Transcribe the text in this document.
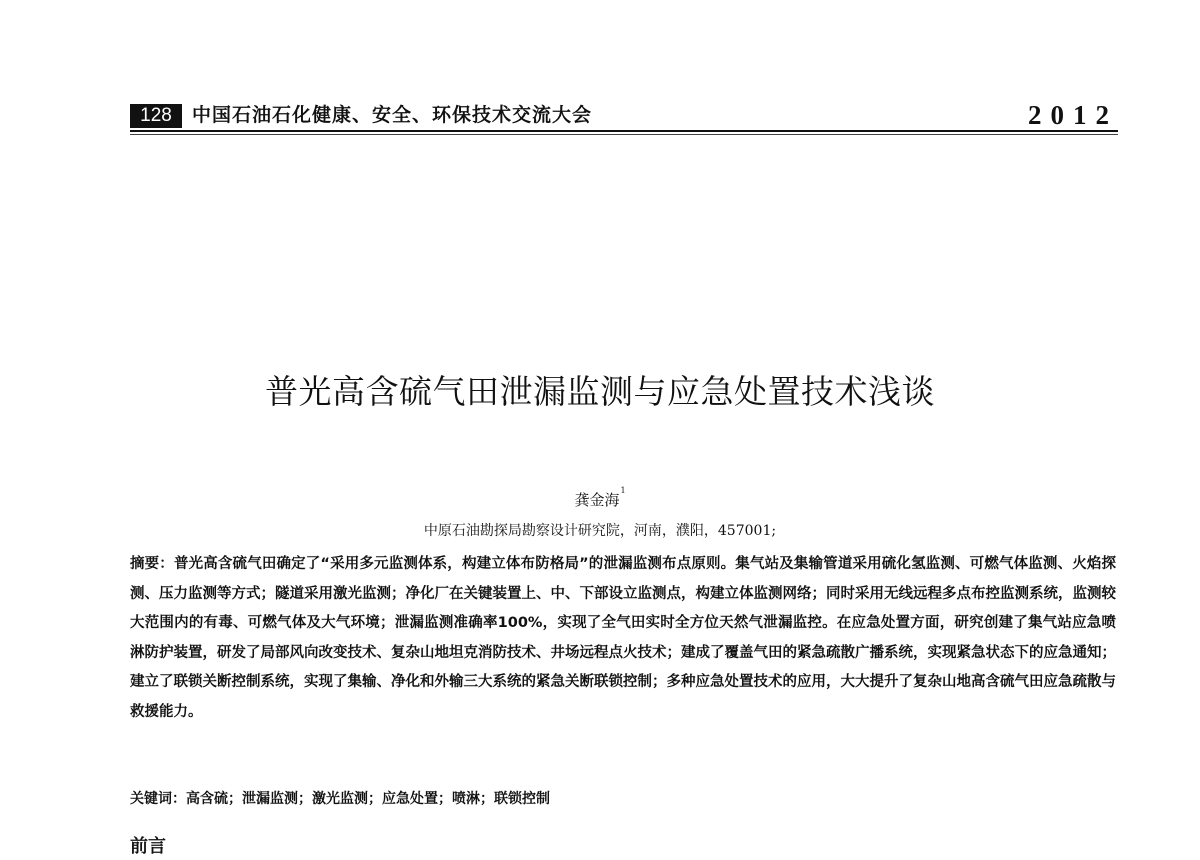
128	中国石油石化健康、安全、环保技术交流大会	2012
普光高含硫气田泄漏监测与应急处置技术浅谈
龚金海$^1$
中原石油勘探局勘察设计研究院，河南，濮阳，457001;

摘要：普光高含硫气田确定了“采用多元监测体系，构建立体布防格局”的泄漏监测布点原则。集气站及集输管道采用硫化氢监测、可燃气体监测、火焰探测、压力监测等方式；隧道采用激光监测；净化厂在关键装置上、中、下部设立监测点，构建立体监测网络；同时采用无线远程多点布控监测系统，监测较大范围内的有毒、可燃气体及大气环境；泄漏监测准确率100%，实现了全气田实时全方位天然气泄漏监控。在应急处置方面，研究创建了集气站应急喷淋防护装置，研发了局部风向改变技术、复杂山地坦克消防技术、井场远程点火技术；建成了覆盖气田的紧急疏散广播系统，实现紧急状态下的应急通知；建立了联锁关断控制系统，实现了集输、净化和外输三大系统的紧急关断联锁控制；多种应急处置技术的应用，大大提升了复杂山地高含硫气田应急疏散与救援能力。

关键词：高含硫；泄漏监测；激光监测；应急处置；喷淋；联锁控制
前言
